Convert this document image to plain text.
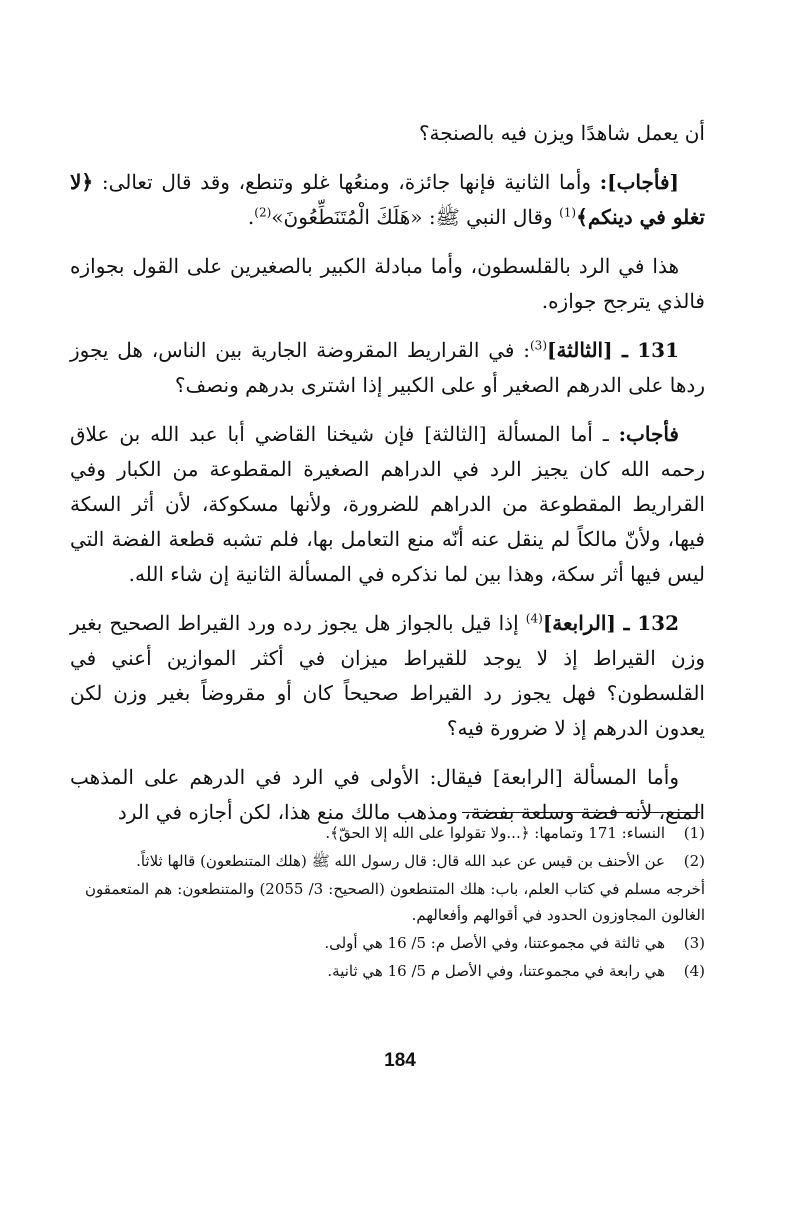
أن يعمل شاهدًا ويزن فيه بالصنجة؟

[فأجاب]: وأما الثانية فإنها جائزة، ومنعُها غلو وتنطع، وقد قال تعالى: ﴿لا تغلو في دينكم﴾$^{(1)}$ وقال النبي ﷺ: «هَلَكَ الْمُتَنَطِّعُونَ»$^{(2)}$.

هذا في الرد بالقلسطون، وأما مبادلة الكبير بالصغيرين على القول بجوازه فالذي يترجح جوازه.

131 ـ [الثالثة]$^{(3)}$: في القراريط المقروضة الجارية بين الناس، هل يجوز ردها على الدرهم الصغير أو على الكبير إذا اشترى بدرهم ونصف؟

فأجاب: ـ أما المسألة [الثالثة] فإن شيخنا القاضي أبا عبد الله بن علاق رحمه الله كان يجيز الرد في الدراهم الصغيرة المقطوعة من الكبار وفي القراريط المقطوعة من الدراهم للضرورة، ولأنها مسكوكة، لأن أثر السكة فيها، ولأنّ مالكاً لم ينقل عنه أنّه منع التعامل بها، فلم تشبه قطعة الفضة التي ليس فيها أثر سكة، وهذا بين لما نذكره في المسألة الثانية إن شاء الله.

132 ـ [الرابعة]$^{(4)}$ إذا قيل بالجواز هل يجوز رده ورد القيراط الصحيح بغير وزن القيراط إذ لا يوجد للقيراط ميزان في أكثر الموازين أعني في القلسطون؟ فهل يجوز رد القيراط صحيحاً كان أو مقروضاً بغير وزن لكن يعدون الدرهم إذ لا ضرورة فيه؟

وأما المسألة [الرابعة] فيقال: الأولى في الرد في الدرهم على المذهب المنع، لأنه فضة وسلعة بفضة، ومذهب مالك منع هذا، لكن أجازه في الرد

(1)
النساء: 171 وتمامها: ﴿...ولا تقولوا على الله إلا الحقّ﴾.
(2)
عن الأحنف بن قيس عن عبد الله قال: قال رسول الله ﷺ (هلك المتنطعون) قالها ثلاثاً.
أخرجه مسلم في كتاب العلم، باب: هلك المتنطعون (الصحيح: 3/ 2055) والمتنطعون: هم المتعمقون الغالون المجاوزون الحدود في أقوالهم وأفعالهم.
(3)
هي ثالثة في مجموعتنا، وفي الأصل م: 5/ 16 هي أولى.
(4)
هي رابعة في مجموعتنا، وفي الأصل م 5/ 16 هي ثانية.
184
